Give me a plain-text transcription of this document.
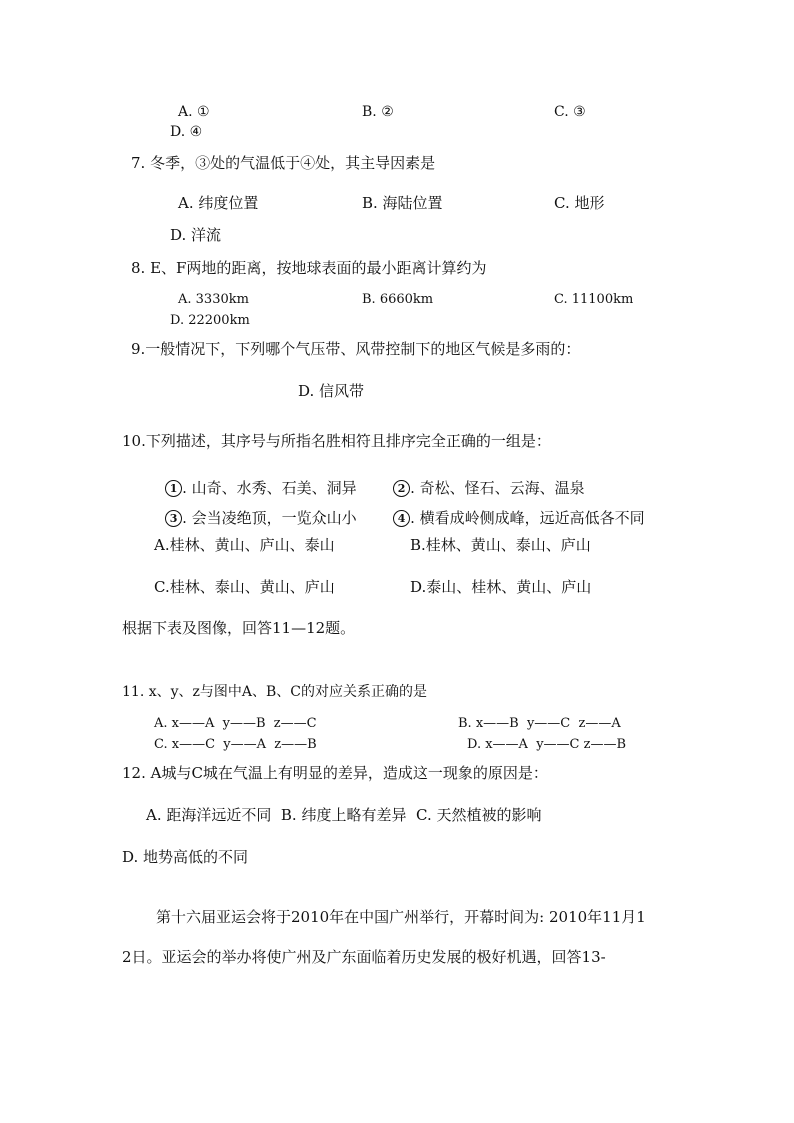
A. ①	B. ②	C. ③
D. ④
7. 冬季，③处的气温低于④处，其主导因素是
A. 纬度位置	B. 海陆位置	C. 地形
D. 洋流
8. E、F两地的距离，按地球表面的最小距离计算约为
A. 3330km	B. 6660km	C. 11100km
D. 22200km
9.一般情况下，下列哪个气压带、风带控制下的地区气候是多雨的：
D. 信风带
10.下列描述，其序号与所指名胜相符且排序完全正确的一组是：

1 . 山奇、水秀、石美、洞异
	2 . 奇松、怪石、云海、温泉

3 . 会当凌绝顶，一览众山小
	4 . 横看成岭侧成峰，远近高低各不同

A.桂林、黄山、庐山、泰山	B.桂林、黄山、泰山、庐山
C.桂林、泰山、黄山、庐山	D.泰山、桂林、黄山、庐山
根据下表及图像，回答11—12题。
11. x、y、z与图中A、B、C的对应关系正确的是
A. x——A  y——B  z——C	B. x——B  y——C  z——A
C. x——C  y——A  z——B	D. x——A  y——C z——B
12. A城与C城在气温上有明显的差异，造成这一现象的原因是：
A. 距海洋远近不同  B. 纬度上略有差异  C. 天然植被的影响
D. 地势高低的不同
第十六届亚运会将于2010年在中国广州举行，开幕时间为: 2010年11月1
2日。亚运会的举办将使广州及广东面临着历史发展的极好机遇，回答13-
